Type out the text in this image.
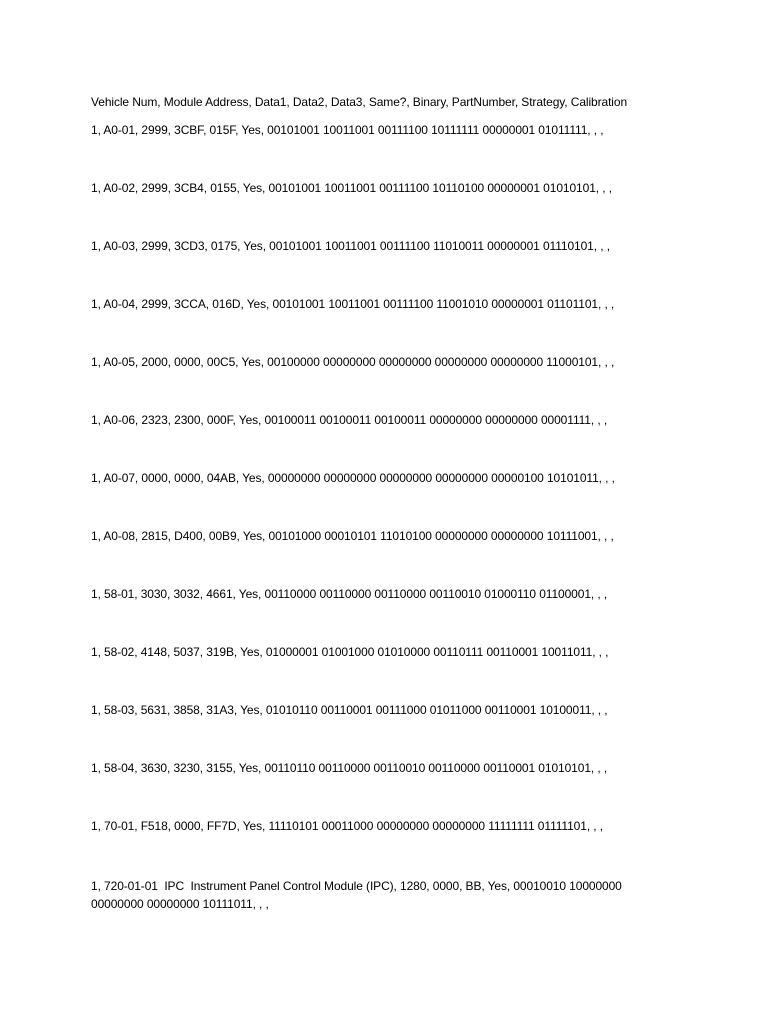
Vehicle Num, Module Address, Data1, Data2, Data3, Same?, Binary, PartNumber, Strategy, Calibration
1, A0-01, 2999, 3CBF, 015F, Yes, 00101001 10011001 00111100 10111111 00000001 01011111, , ,
1, A0-02, 2999, 3CB4, 0155, Yes, 00101001 10011001 00111100 10110100 00000001 01010101, , ,
1, A0-03, 2999, 3CD3, 0175, Yes, 00101001 10011001 00111100 11010011 00000001 01110101, , ,
1, A0-04, 2999, 3CCA, 016D, Yes, 00101001 10011001 00111100 11001010 00000001 01101101, , ,
1, A0-05, 2000, 0000, 00C5, Yes, 00100000 00000000 00000000 00000000 00000000 11000101, , ,
1, A0-06, 2323, 2300, 000F, Yes, 00100011 00100011 00100011 00000000 00000000 00001111, , ,
1, A0-07, 0000, 0000, 04AB, Yes, 00000000 00000000 00000000 00000000 00000100 10101011, , ,
1, A0-08, 2815, D400, 00B9, Yes, 00101000 00010101 11010100 00000000 00000000 10111001, , ,
1, 58-01, 3030, 3032, 4661, Yes, 00110000 00110000 00110000 00110010 01000110 01100001, , ,
1, 58-02, 4148, 5037, 319B, Yes, 01000001 01001000 01010000 00110111 00110001 10011011, , ,
1, 58-03, 5631, 3858, 31A3, Yes, 01010110 00110001 00111000 01011000 00110001 10100011, , ,
1, 58-04, 3630, 3230, 3155, Yes, 00110110 00110000 00110010 00110000 00110001 01010101, , ,
1, 70-01, F518, 0000, FF7D, Yes, 11110101 00011000 00000000 00000000 11111111 01111101, , ,
1, 720-01-01  IPC  Instrument Panel Control Module (IPC), 1280, 0000, BB, Yes, 00010010 10000000 00000000 00000000 10111011, , ,
